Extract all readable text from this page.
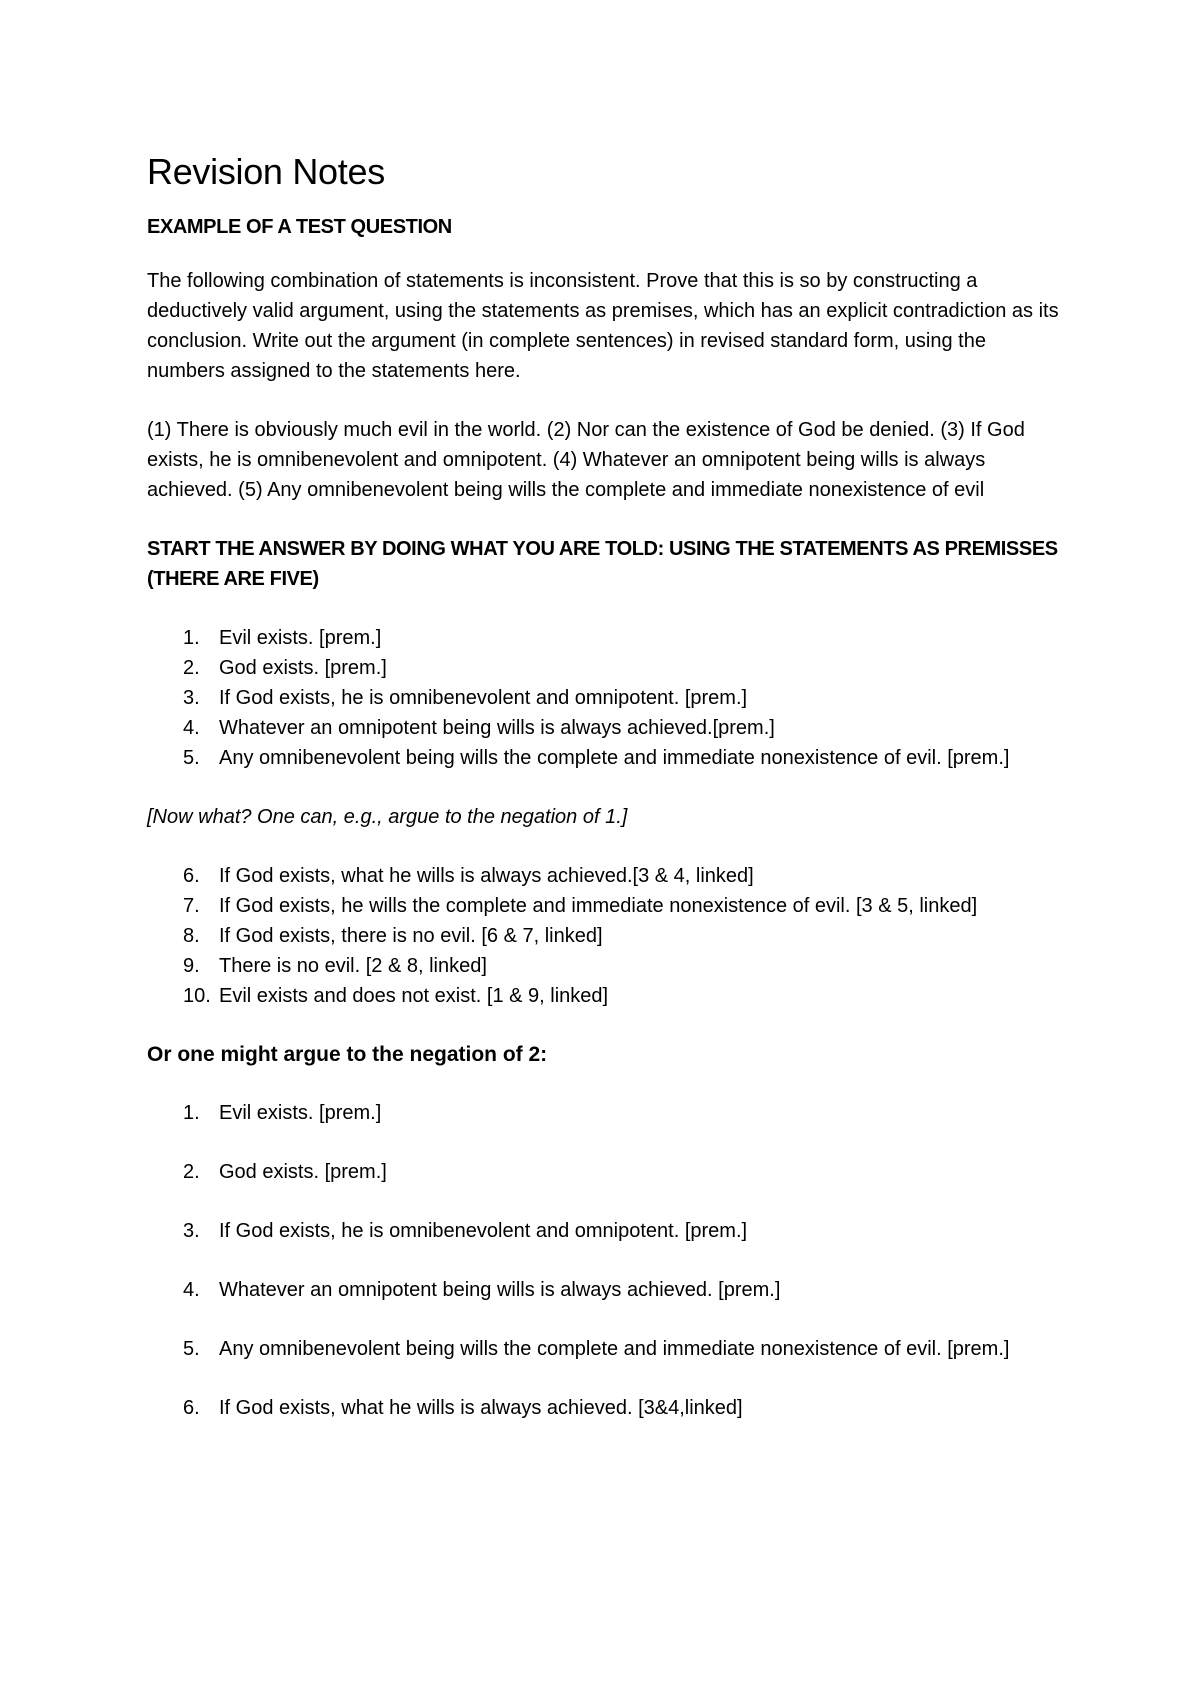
Revision Notes
EXAMPLE OF A TEST QUESTION

The following combination of statements is inconsistent. Prove that this is so by constructing a deductively valid argument, using the statements as premises, which has an explicit contradiction as its conclusion. Write out the argument (in complete sentences) in revised standard form, using the numbers assigned to the statements here.

(1) There is obviously much evil in the world. (2) Nor can the existence of God be denied. (3) If God exists, he is omnibenevolent and omnipotent. (4) Whatever an omnipotent being wills is always achieved. (5) Any omnibenevolent being wills the complete and immediate nonexistence of evil

START THE ANSWER BY DOING WHAT YOU ARE TOLD: USING THE STATEMENTS AS PREMISSES (THERE ARE FIVE)
1. Evil exists. [prem.]
2. God exists. [prem.]
3. If God exists, he is omnibenevolent and omnipotent. [prem.]
4. Whatever an omnipotent being wills is always achieved.[prem.]
5. Any omnibenevolent being wills the complete and immediate nonexistence of evil. [prem.]

[Now what? One can, e.g., argue to the negation of 1.]

6. If God exists, what he wills is always achieved.[3 & 4, linked]
7. If God exists, he wills the complete and immediate nonexistence of evil. [3 & 5, linked]
8. If God exists, there is no evil. [6 & 7, linked]
9. There is no evil. [2 & 8, linked]
10. Evil exists and does not exist. [1 & 9, linked]
Or one might argue to the negation of 2:
1. Evil exists. [prem.]
2. God exists. [prem.]
3. If God exists, he is omnibenevolent and omnipotent. [prem.]
4. Whatever an omnipotent being wills is always achieved. [prem.]
5. Any omnibenevolent being wills the complete and immediate nonexistence of evil. [prem.]
6. If God exists, what he wills is always achieved. [3&4,linked]
